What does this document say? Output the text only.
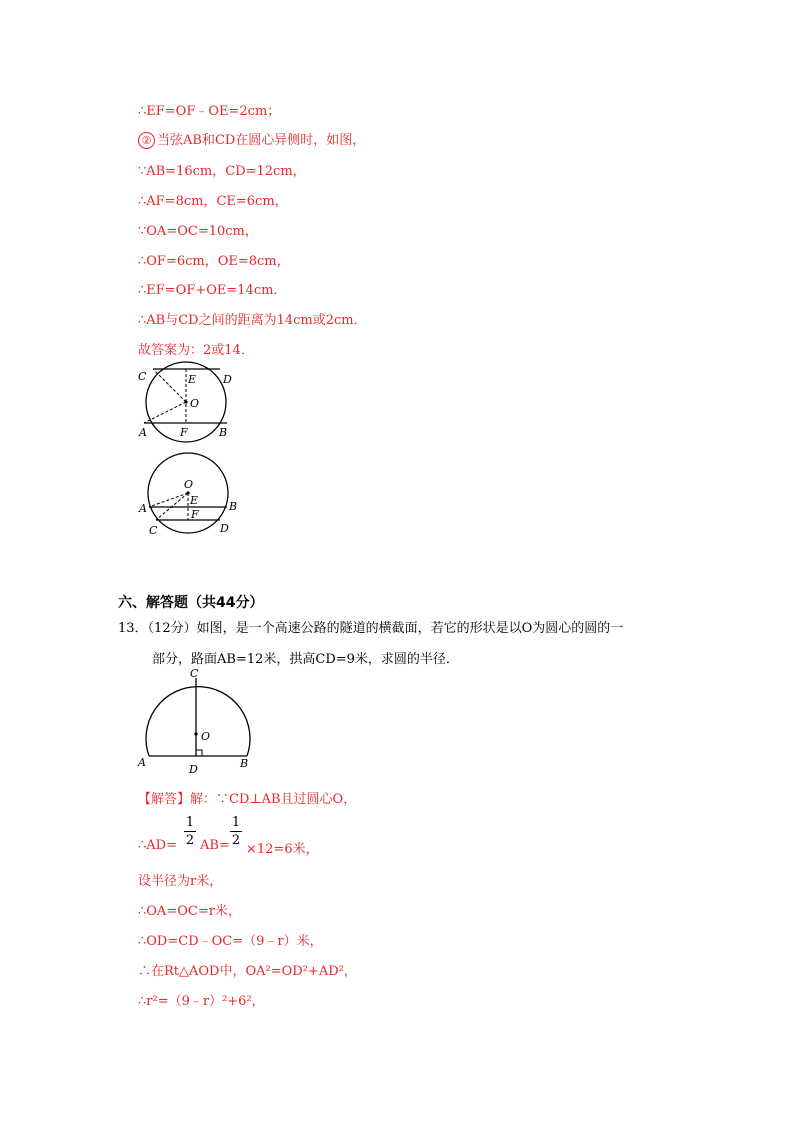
∴EF=OF﹣OE=2cm；
② 当弦AB和CD在圆心异侧时，如图，
∵AB=16cm，CD=12cm，
∴AF=8cm，CE=6cm，
∵OA=OC=10cm，
∴OF=6cm，OE=8cm，
∴EF=OF+OE=14cm．
∴AB与CD之间的距离为14cm或2cm．
故答案为：2或14．
C	E D
O
A	F	B
O
A
E	B
C
F
D
六、解答题（共44分）
13．（12分）如图，是一个高速公路的隧道的横截面，若它的形状是以O为圆心的圆的一
部分，路面AB=12米，拱高CD=9米，求圆的半径．
C
O
A
D	B
【解答】解：∵CD⊥AB且过圆心O，
1
2
1
2
∴AD= AB= ×12=6米，
设半径为r米，
∴OA=OC=r米，
∴OD=CD﹣OC=（9﹣r）米，
∴在Rt△AOD中，OA²=OD²+AD²，
∴r²=（9﹣r）²+6²，
